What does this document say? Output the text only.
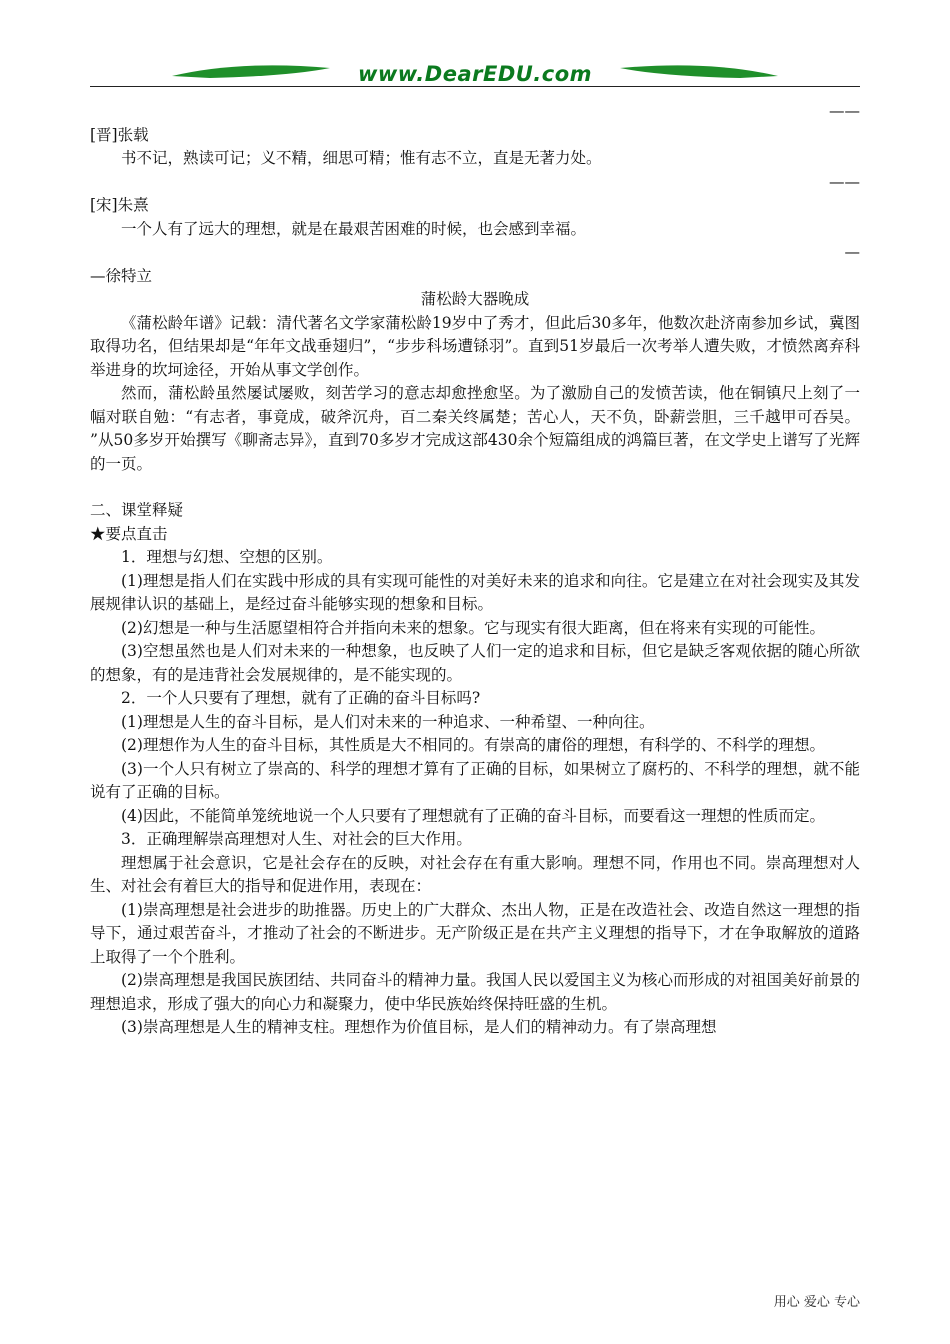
www.DearEDU.com
——
[晋]张载
书不记，熟读可记；义不精，细思可精；惟有志不立，直是无著力处。
——
[宋]朱熹
一个人有了远大的理想，就是在最艰苦困难的时候，也会感到幸福。
—
—徐特立
蒲松龄大器晚成
《蒲松龄年谱》记载：清代著名文学家蒲松龄19岁中了秀才，但此后30多年，他数次赴济南参加乡试，冀图取得功名，但结果却是“年年文战垂翅归”，“步步科场遭铩羽”。直到51岁最后一次考举人遭失败，才愤然离弃科举进身的坎坷途径，开始从事文学创作。
然而，蒲松龄虽然屡试屡败，刻苦学习的意志却愈挫愈坚。为了激励自己的发愤苦读，他在铜镇尺上刻了一幅对联自勉：“有志者，事竟成，破斧沉舟，百二秦关终属楚；苦心人，天不负，卧薪尝胆，三千越甲可吞吴。 ”从50多岁开始撰写《聊斋志异》，直到70多岁才完成这部430余个短篇组成的鸿篇巨著，在文学史上谱写了光辉的一页。
二、课堂释疑
★要点直击
1．理想与幻想、空想的区别。
(1)理想是指人们在实践中形成的具有实现可能性的对美好未来的追求和向往。它是建立在对社会现实及其发展规律认识的基础上，是经过奋斗能够实现的想象和目标。
(2)幻想是一种与生活愿望相符合并指向未来的想象。它与现实有很大距离，但在将来有实现的可能性。
(3)空想虽然也是人们对未来的一种想象，也反映了人们一定的追求和目标，但它是缺乏客观依据的随心所欲的想象，有的是违背社会发展规律的，是不能实现的。
2．一个人只要有了理想，就有了正确的奋斗目标吗?
(1)理想是人生的奋斗目标，是人们对未来的一种追求、一种希望、一种向往。
(2)理想作为人生的奋斗目标，其性质是大不相同的。有崇高的庸俗的理想，有科学的、不科学的理想。
(3)一个人只有树立了崇高的、科学的理想才算有了正确的目标，如果树立了腐朽的、不科学的理想，就不能说有了正确的目标。
(4)因此，不能简单笼统地说一个人只要有了理想就有了正确的奋斗目标，而要看这一理想的性质而定。
3．正确理解崇高理想对人生、对社会的巨大作用。
理想属于社会意识，它是社会存在的反映，对社会存在有重大影响。理想不同，作用也不同。崇高理想对人生、对社会有着巨大的指导和促进作用，表现在：
(1)崇高理想是社会进步的助推器。历史上的广大群众、杰出人物，正是在改造社会、改造自然这一理想的指导下，通过艰苦奋斗，才推动了社会的不断进步。无产阶级正是在共产主义理想的指导下，才在争取解放的道路上取得了一个个胜利。
(2)崇高理想是我国民族团结、共同奋斗的精神力量。我国人民以爱国主义为核心而形成的对祖国美好前景的理想追求，形成了强大的向心力和凝聚力，使中华民族始终保持旺盛的生机。
(3)崇高理想是人生的精神支柱。理想作为价值目标，是人们的精神动力。有了崇高理想
用心 爱心 专心
